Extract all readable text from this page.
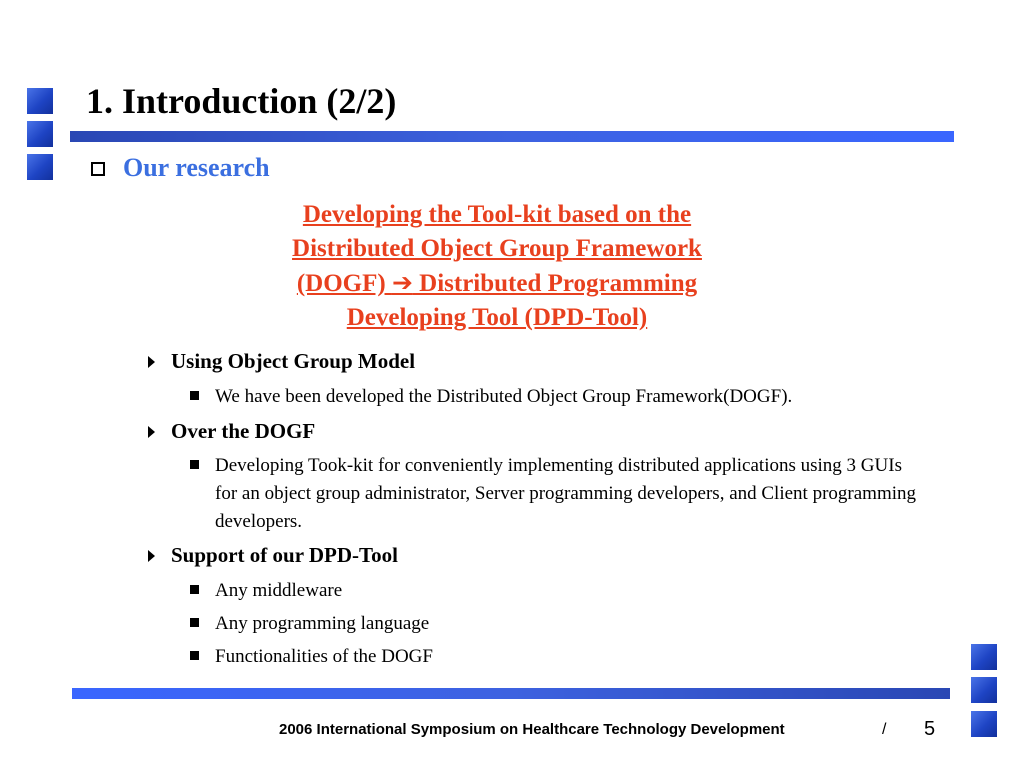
1. Introduction (2/2)
Our research
Developing the Tool-kit based on the
Distributed Object Group Framework
(DOGF) ➔ Distributed Programming
Developing Tool (DPD-Tool)
Using Object Group Model
We have been developed the Distributed Object Group Framework(DOGF).
Over the DOGF
Developing Took-kit for conveniently implementing distributed applications using 3 GUIs for an object group administrator, Server programming developers, and Client programming developers.
Support of our DPD-Tool
Any middleware
Any programming language
Functionalities of the DOGF
2006 International Symposium on Healthcare Technology Development	/ 5
